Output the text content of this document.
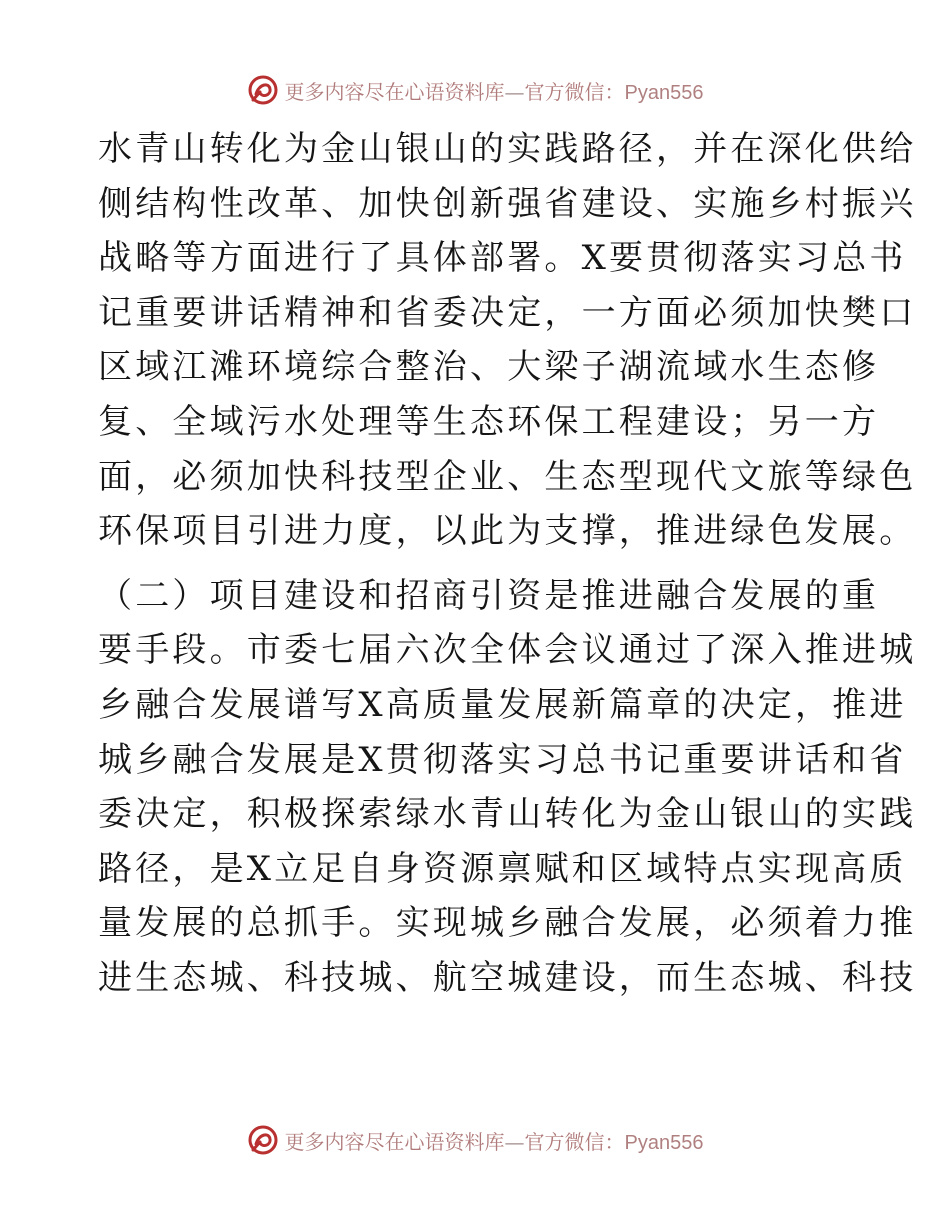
更多内容尽在心语资料库—官方微信：Pyan556
水青山转化为金山银山的实践路径，并在深化供给
侧结构性改革、加快创新强省建设、实施乡村振兴
战略等方面进行了具体部署。X要贯彻落实习总书
记重要讲话精神和省委决定，一方面必须加快樊口
区域江滩环境综合整治、大梁子湖流域水生态修
复、全域污水处理等生态环保工程建设；另一方
面，必须加快科技型企业、生态型现代文旅等绿色
环保项目引进力度，以此为支撑，推进绿色发展。
（二）项目建设和招商引资是推进融合发展的重
要手段。市委七届六次全体会议通过了深入推进城
乡融合发展谱写X高质量发展新篇章的决定，推进
城乡融合发展是X贯彻落实习总书记重要讲话和省
委决定，积极探索绿水青山转化为金山银山的实践
路径，是X立足自身资源禀赋和区域特点实现高质
量发展的总抓手。实现城乡融合发展，必须着力推
进生态城、科技城、航空城建设，而生态城、科技
更多内容尽在心语资料库—官方微信：Pyan556
